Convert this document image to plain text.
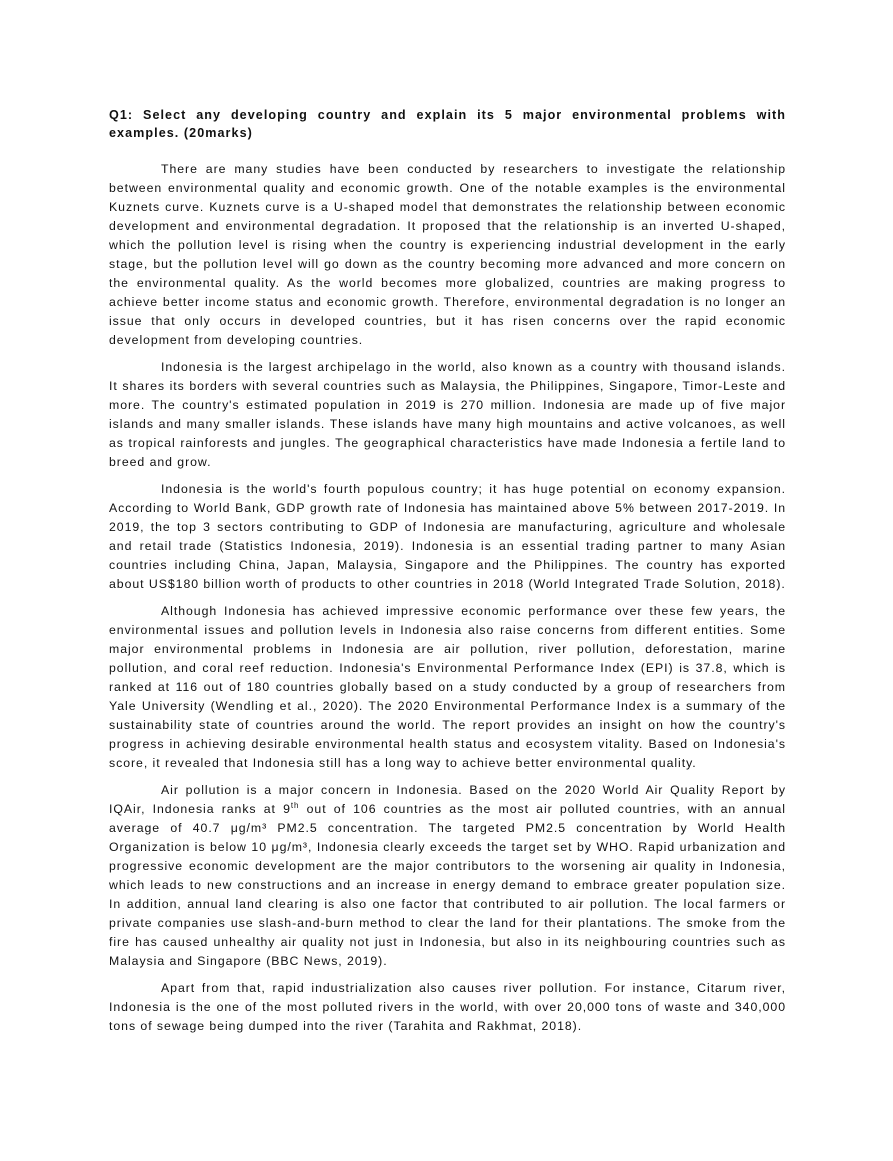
Q1: Select any developing country and explain its 5 major environmental problems with examples. (20marks)

There are many studies have been conducted by researchers to investigate the relationship between environmental quality and economic growth. One of the notable examples is the environmental Kuznets curve. Kuznets curve is a U-shaped model that demonstrates the relationship between economic development and environmental degradation. It proposed that the relationship is an inverted U-shaped, which the pollution level is rising when the country is experiencing industrial development in the early stage, but the pollution level will go down as the country becoming more advanced and more concern on the environmental quality. As the world becomes more globalized, countries are making progress to achieve better income status and economic growth. Therefore, environmental degradation is no longer an issue that only occurs in developed countries, but it has risen concerns over the rapid economic development from developing countries.

Indonesia is the largest archipelago in the world, also known as a country with thousand islands. It shares its borders with several countries such as Malaysia, the Philippines, Singapore, Timor-Leste and more. The country's estimated population in 2019 is 270 million. Indonesia are made up of five major islands and many smaller islands. These islands have many high mountains and active volcanoes, as well as tropical rainforests and jungles. The geographical characteristics have made Indonesia a fertile land to breed and grow.

Indonesia is the world's fourth populous country; it has huge potential on economy expansion. According to World Bank, GDP growth rate of Indonesia has maintained above 5% between 2017-2019. In 2019, the top 3 sectors contributing to GDP of Indonesia are manufacturing, agriculture and wholesale and retail trade (Statistics Indonesia, 2019). Indonesia is an essential trading partner to many Asian countries including China, Japan, Malaysia, Singapore and the Philippines. The country has exported about US$180 billion worth of products to other countries in 2018 (World Integrated Trade Solution, 2018).

Although Indonesia has achieved impressive economic performance over these few years, the environmental issues and pollution levels in Indonesia also raise concerns from different entities. Some major environmental problems in Indonesia are air pollution, river pollution, deforestation, marine pollution, and coral reef reduction. Indonesia's Environmental Performance Index (EPI) is 37.8, which is ranked at 116 out of 180 countries globally based on a study conducted by a group of researchers from Yale University (Wendling et al., 2020). The 2020 Environmental Performance Index is a summary of the sustainability state of countries around the world. The report provides an insight on how the country's progress in achieving desirable environmental health status and ecosystem vitality. Based on Indonesia's score, it revealed that Indonesia still has a long way to achieve better environmental quality.

Air pollution is a major concern in Indonesia. Based on the 2020 World Air Quality Report by IQAir, Indonesia ranks at 9th out of 106 countries as the most air polluted countries, with an annual average of 40.7 μg/m³ PM2.5 concentration. The targeted PM2.5 concentration by World Health Organization is below 10 μg/m³, Indonesia clearly exceeds the target set by WHO. Rapid urbanization and progressive economic development are the major contributors to the worsening air quality in Indonesia, which leads to new constructions and an increase in energy demand to embrace greater population size. In addition, annual land clearing is also one factor that contributed to air pollution. The local farmers or private companies use slash-and-burn method to clear the land for their plantations. The smoke from the fire has caused unhealthy air quality not just in Indonesia, but also in its neighbouring countries such as Malaysia and Singapore (BBC News, 2019).

Apart from that, rapid industrialization also causes river pollution. For instance, Citarum river, Indonesia is the one of the most polluted rivers in the world, with over 20,000 tons of waste and 340,000 tons of sewage being dumped into the river (Tarahita and Rakhmat, 2018).
